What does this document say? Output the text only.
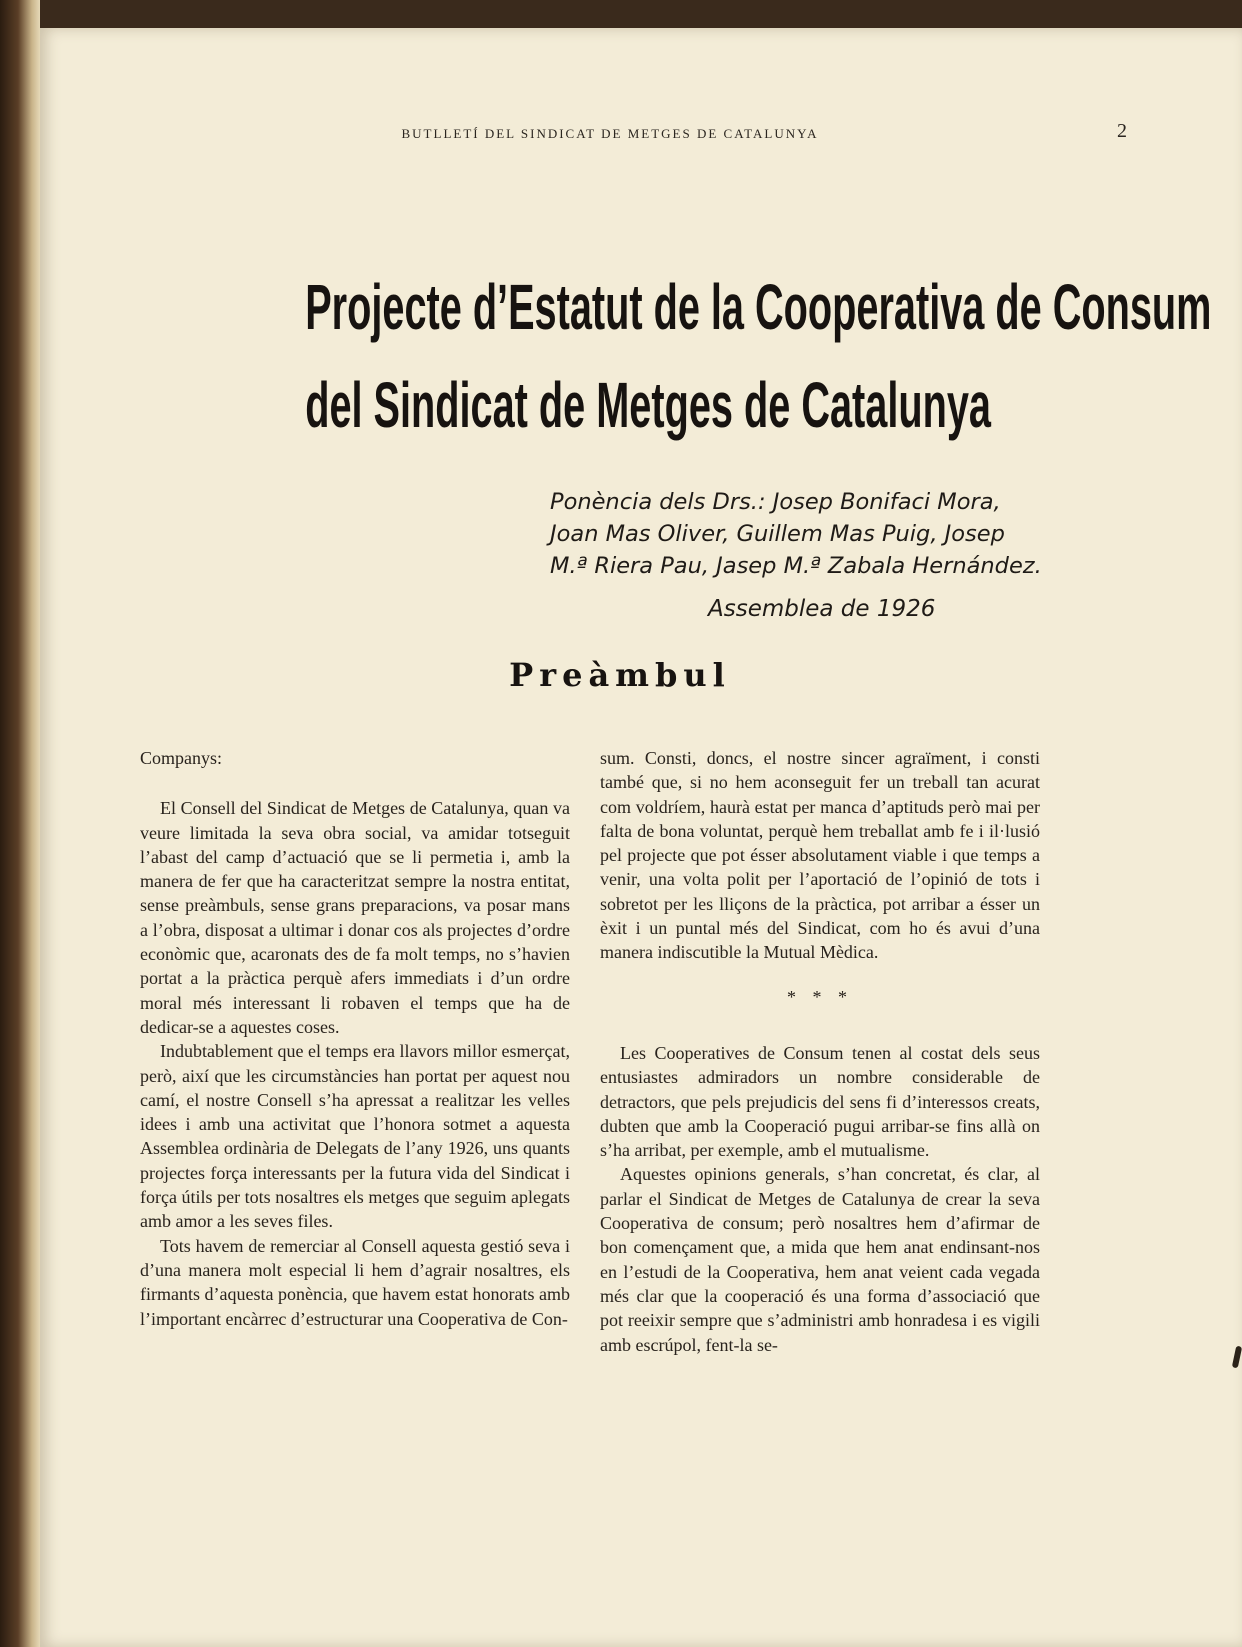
BUTLLETÍ DEL SINDICAT DE METGES DE CATALUNYA	2
Projecte d’Estatut de la Cooperativa de Consum
del Sindicat de Metges de Catalunya
Ponència dels Drs.: Josep Bonifaci Mora,
Joan Mas Oliver, Guillem Mas Puig, Josep
M.ª Riera Pau, Jasep M.ª Zabala Hernández.
Assemblea de 1926
Preàmbul

Companys:

El Consell del Sindicat de Metges de Catalunya, quan va veure limitada la seva obra social, va amidar totseguit l’abast del camp d’actuació que se li permetia i, amb la manera de fer que ha caracteritzat sempre la nostra entitat, sense preàmbuls, sense grans preparacions, va posar mans a l’obra, disposat a ultimar i donar cos als projectes d’ordre econòmic que, acaronats des de fa molt temps, no s’havien portat a la pràctica perquè afers immediats i d’un ordre moral més interessant li robaven el temps que ha de dedicar-se a aquestes coses.

Indubtablement que el temps era llavors millor esmerçat, però, així que les circumstàncies han portat per aquest nou camí, el nostre Consell s’ha apressat a realitzar les velles idees i amb una activitat que l’honora sotmet a aquesta Assemblea ordinària de Delegats de l’any 1926, uns quants projectes força interessants per la futura vida del Sindicat i força útils per tots nosaltres els metges que seguim aplegats amb amor a les seves files.

Tots havem de remerciar al Consell aquesta gestió seva i d’una manera molt especial li hem d’agrair nosaltres, els firmants d’aquesta ponència, que havem estat honorats amb l’important encàrrec d’estructurar una Cooperativa de Con-

sum. Consti, doncs, el nostre sincer agraïment, i consti també que, si no hem aconseguit fer un treball tan acurat com voldríem, haurà estat per manca d’aptituds però mai per falta de bona voluntat, perquè hem treballat amb fe i il·lusió pel projecte que pot ésser absolutament viable i que temps a venir, una volta polit per l’aportació de l’opinió de tots i sobretot per les lliçons de la pràctica, pot arribar a ésser un èxit i un puntal més del Sindicat, com ho és avui d’una manera indiscutible la Mutual Mèdica.

* * *

Les Cooperatives de Consum tenen al costat dels seus entusiastes admiradors un nombre considerable de detractors, que pels prejudicis del sens fi d’interessos creats, dubten que amb la Cooperació pugui arribar-se fins allà on s’ha arribat, per exemple, amb el mutualisme.

Aquestes opinions generals, s’han concretat, és clar, al parlar el Sindicat de Metges de Catalunya de crear la seva Cooperativa de consum; però nosaltres hem d’afirmar de bon començament que, a mida que hem anat endinsant-nos en l’estudi de la Cooperativa, hem anat veient cada vegada més clar que la cooperació és una forma d’associació que pot reeixir sempre que s’administri amb honradesa i es vigili amb escrúpol, fent-la se-
